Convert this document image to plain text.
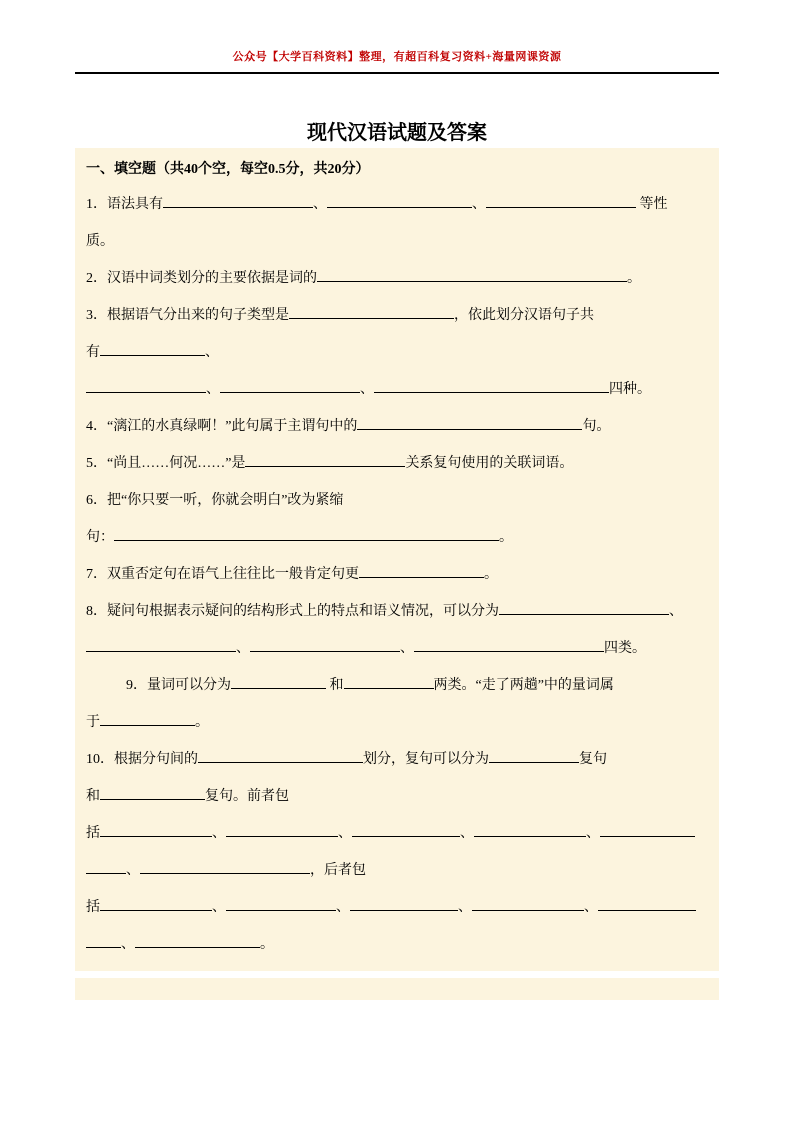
公众号【大学百科资料】整理，有超百科复习资料+海量网课资源
现代汉语试题及答案
一、填空题（共40个空，每空0.5分，共20分）
1．语法具有	、	、	等性
质。
2．汉语中词类划分的主要依据是词的	。
3．根据语气分出来的句子类型是	，依此划分汉语句子共
有	、
、	、	四种。
4．“漓江的水真绿啊！”此句属于主谓句中的	句。
5．“尚且……何况……”是	关系复句使用的关联词语。
6．把“你只要一听，你就会明白”改为紧缩
句：	。
7．双重否定句在语气上往往比一般肯定句更	。
8．疑问句根据表示疑问的结构形式上的特点和语义情况，可以分为	、
、	、	四类。
9．量词可以分为	和	两类。“走了两趟”中的量词属
于	。
10．根据分句间的	划分，复句可以分为	复句
和	复句。前者包
括	、	、	、	、
、	，后者包
括	、	、	、	、
、	。
